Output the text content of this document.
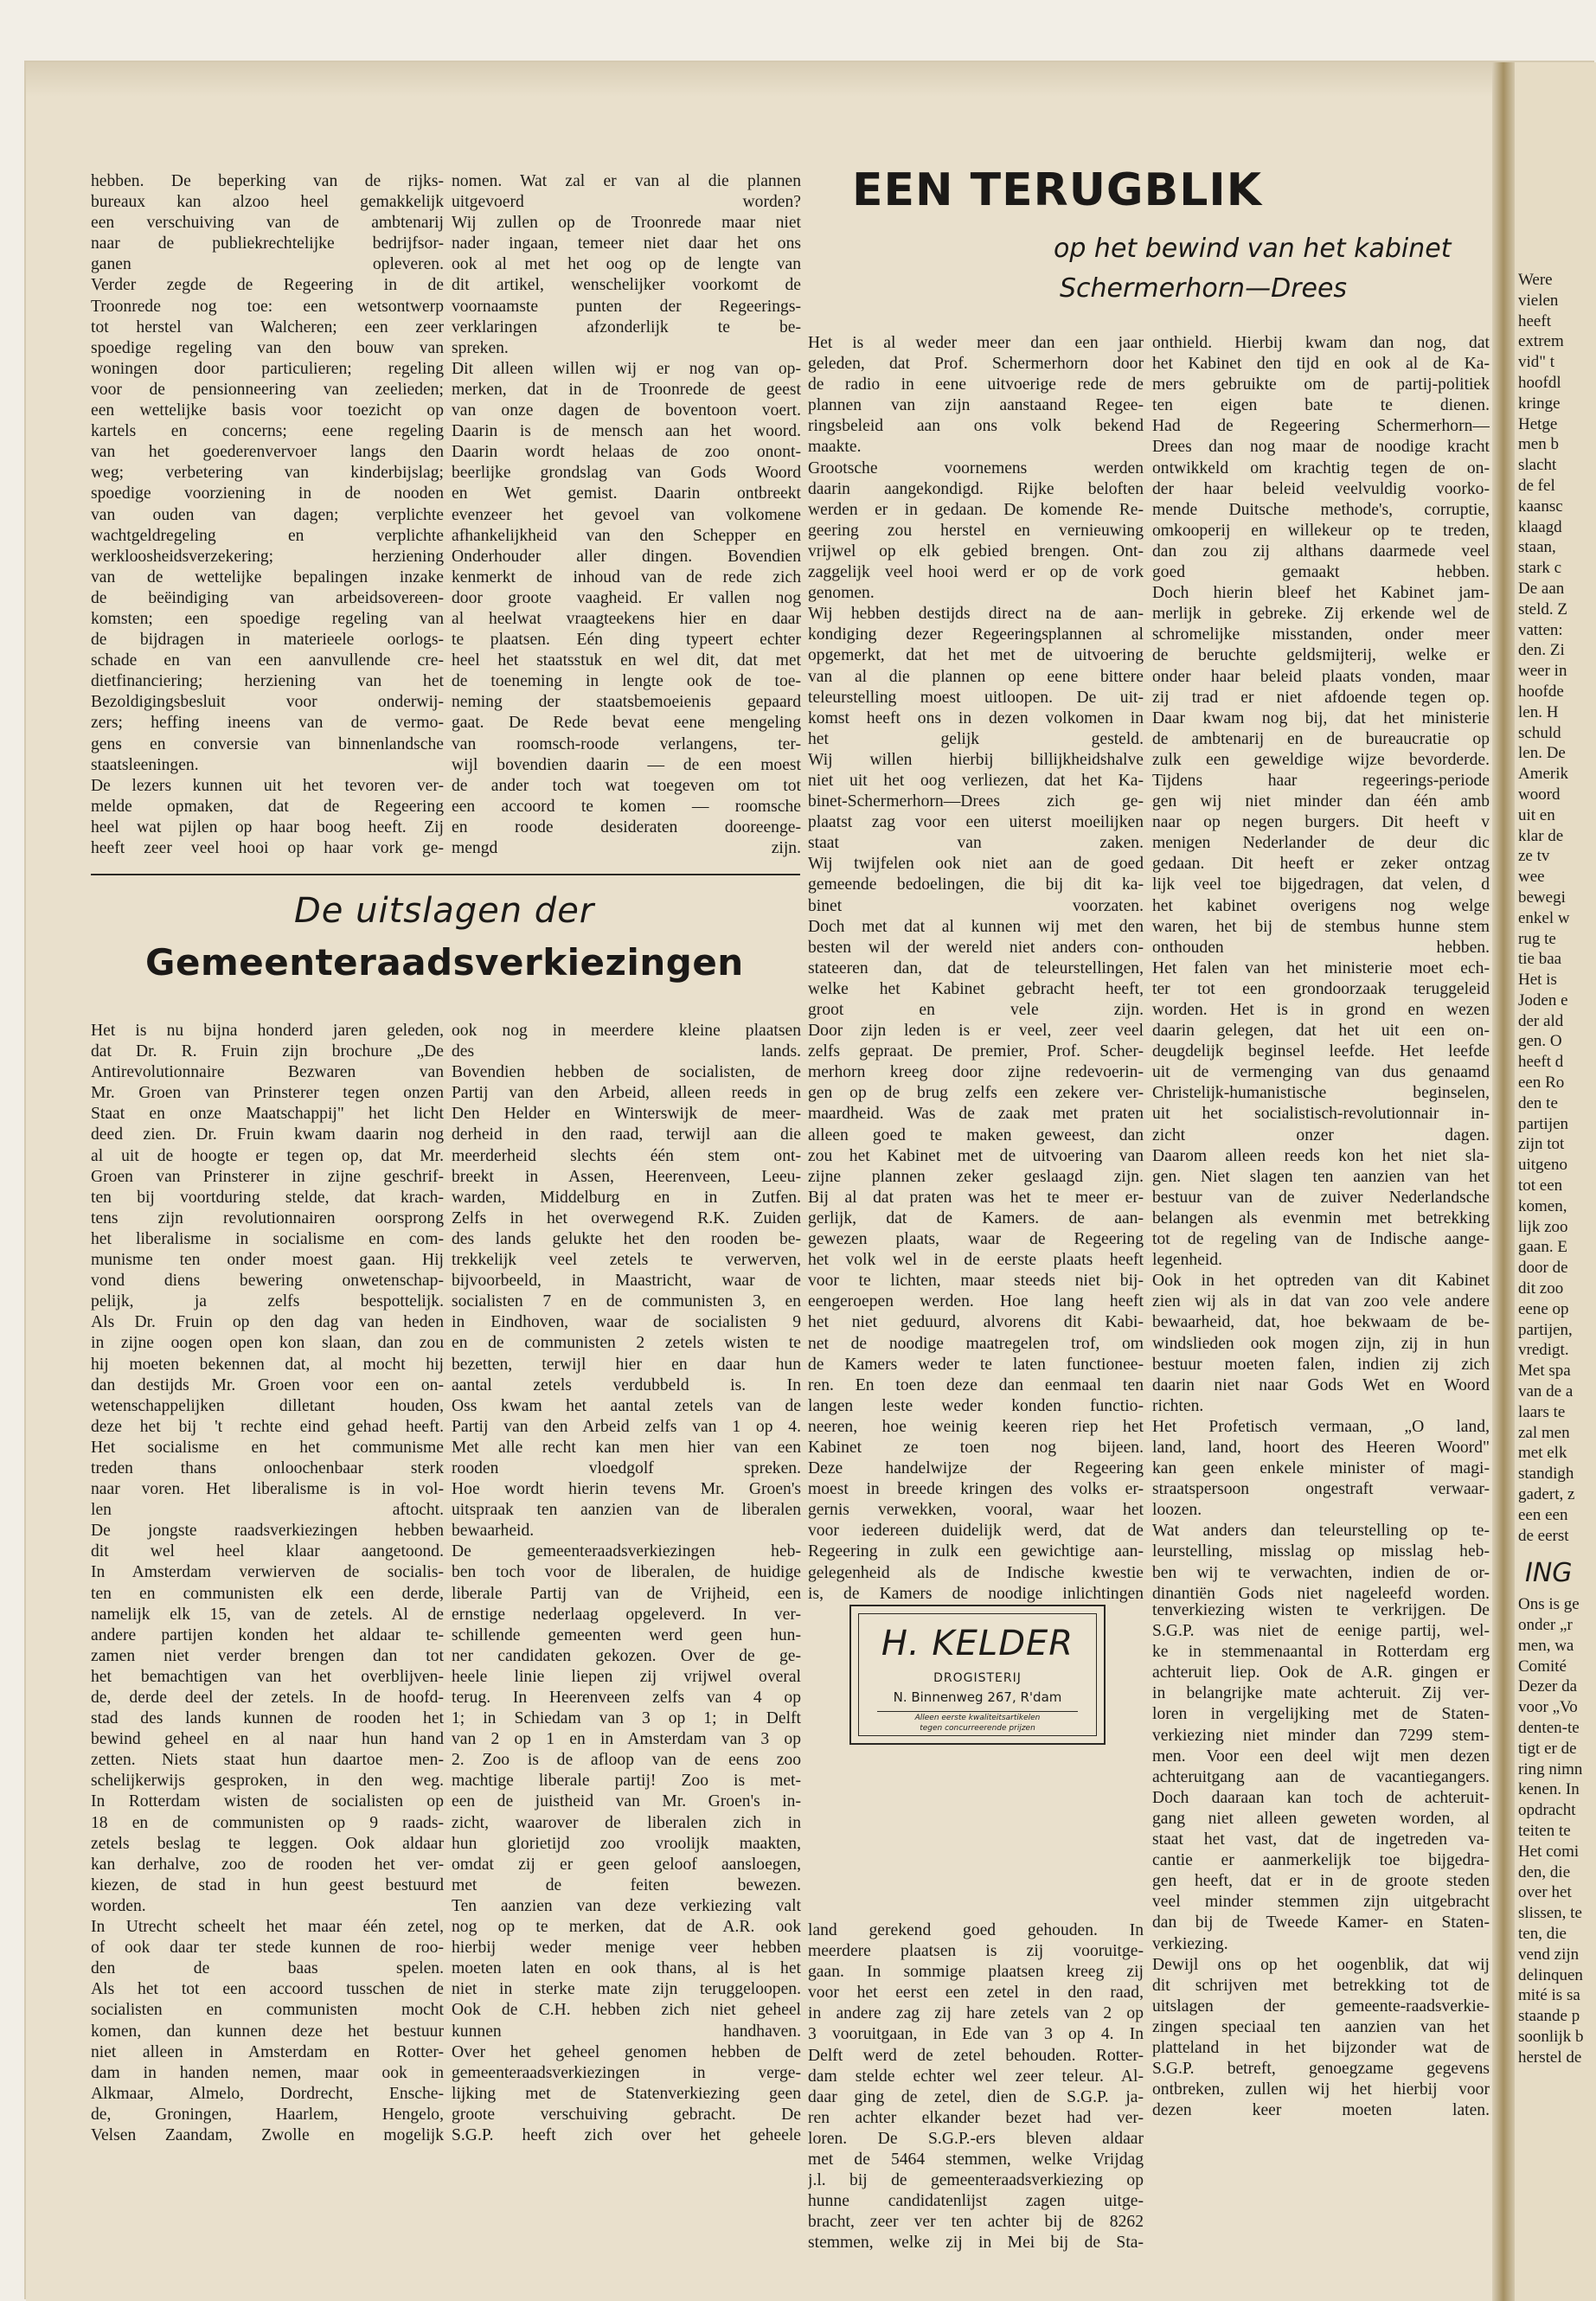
hebben. De beperking van de rijks-
bureaux kan alzoo heel gemakkelijk
een verschuiving van de ambtenarij
naar de publiekrechtelijke bedrijfsor-
ganen opleveren.
Verder zegde de Regeering in de
Troonrede nog toe: een wetsontwerp
tot herstel van Walcheren; een zeer
spoedige regeling van den bouw van
woningen door particulieren; regeling
voor de pensionneering van zeelieden;
een wettelijke basis voor toezicht op
kartels en concerns; eene regeling
van het goederenvervoer langs den
weg; verbetering van kinderbijslag;
spoedige voorziening in de nooden
van ouden van dagen; verplichte
wachtgeldregeling en verplichte
werkloosheidsverzekering; herziening
van de wettelijke bepalingen inzake
de beëindiging van arbeidsovereen-
komsten; een spoedige regeling van
de bijdragen in materieele oorlogs-
schade en van een aanvullende cre-
dietfinanciering; herziening van het
Bezoldigingsbesluit voor onderwij-
zers; heffing ineens van de vermo-
gens en conversie van binnenlandsche
staatsleeningen.
De lezers kunnen uit het tevoren ver-
melde opmaken, dat de Regeering
heel wat pijlen op haar boog heeft. Zij
heeft zeer veel hooi op haar vork ge-
nomen. Wat zal er van al die plannen
uitgevoerd worden?
Wij zullen op de Troonrede maar niet
nader ingaan, temeer niet daar het ons
ook al met het oog op de lengte van
dit artikel, wenschelijker voorkomt de
voornaamste punten der Regeerings-
verklaringen afzonderlijk te be-
spreken.
Dit alleen willen wij er nog van op-
merken, dat in de Troonrede de geest
van onze dagen de boventoon voert.
Daarin is de mensch aan het woord.
Daarin wordt helaas de zoo onont-
beerlijke grondslag van Gods Woord
en Wet gemist. Daarin ontbreekt
evenzeer het gevoel van volkomene
afhankelijkheid van den Schepper en
Onderhouder aller dingen. Bovendien
kenmerkt de inhoud van de rede zich
door groote vaagheid. Er vallen nog
al heelwat vraagteekens hier en daar
te plaatsen. Eén ding typeert echter
heel het staatsstuk en wel dit, dat met
de toeneming in lengte ook de toe-
neming der staatsbemoeienis gepaard
gaat. De Rede bevat eene mengeling
van roomsch-roode verlangens, ter-
wijl bovendien daarin — de een moest
de ander toch wat toegeven om tot
een accoord te komen — roomsche
en roode desideraten dooreenge-
mengd zijn.
De uitslagen der
Gemeenteraadsverkiezingen
Het is nu bijna honderd jaren geleden,
dat Dr. R. Fruin zijn brochure „De
Antirevolutionnaire Bezwaren van
Mr. Groen van Prinsterer tegen onzen
Staat en onze Maatschappij" het licht
deed zien. Dr. Fruin kwam daarin nog
al uit de hoogte er tegen op, dat Mr.
Groen van Prinsterer in zijne geschrif-
ten bij voortduring stelde, dat krach-
tens zijn revolutionnairen oorsprong
het liberalisme in socialisme en com-
munisme ten onder moest gaan. Hij
vond diens bewering onwetenschap-
pelijk, ja zelfs bespottelijk.
Als Dr. Fruin op den dag van heden
in zijne oogen open kon slaan, dan zou
hij moeten bekennen dat, al mocht hij
dan destijds Mr. Groen voor een on-
wetenschappelijken dilletant houden,
deze het bij 't rechte eind gehad heeft.
Het socialisme en het communisme
treden thans onloochenbaar sterk
naar voren. Het liberalisme is in vol-
len aftocht.
De jongste raadsverkiezingen hebben
dit wel heel klaar aangetoond.
In Amsterdam verwierven de socialis-
ten en communisten elk een derde,
namelijk elk 15, van de zetels. Al de
andere partijen konden het aldaar te-
zamen niet verder brengen dan tot
het bemachtigen van het overblijven-
de, derde deel der zetels. In de hoofd-
stad des lands kunnen de rooden het
bewind geheel en al naar hun hand
zetten. Niets staat hun daartoe men-
schelijkerwijs gesproken, in den weg.
In Rotterdam wisten de socialisten op
18 en de communisten op 9 raads-
zetels beslag te leggen. Ook aldaar
kan derhalve, zoo de rooden het ver-
kiezen, de stad in hun geest bestuurd
worden.
In Utrecht scheelt het maar één zetel,
of ook daar ter stede kunnen de roo-
den de baas spelen.
Als het tot een accoord tusschen de
socialisten en communisten mocht
komen, dan kunnen deze het bestuur
niet alleen in Amsterdam en Rotter-
dam in handen nemen, maar ook in
Alkmaar, Almelo, Dordrecht, Ensche-
de, Groningen, Haarlem, Hengelo,
Velsen Zaandam, Zwolle en mogelijk
ook nog in meerdere kleine plaatsen
des lands.
Bovendien hebben de socialisten, de
Partij van den Arbeid, alleen reeds in
Den Helder en Winterswijk de meer-
derheid in den raad, terwijl aan die
meerderheid slechts één stem ont-
breekt in Assen, Heerenveen, Leeu-
warden, Middelburg en in Zutfen.
Zelfs in het overwegend R.K. Zuiden
des lands gelukte het den rooden be-
trekkelijk veel zetels te verwerven,
bijvoorbeeld, in Maastricht, waar de
socialisten 7 en de communisten 3, en
in Eindhoven, waar de socialisten 9
en de communisten 2 zetels wisten te
bezetten, terwijl hier en daar hun
aantal zetels verdubbeld is. In
Oss kwam het aantal zetels van de
Partij van den Arbeid zelfs van 1 op 4.
Met alle recht kan men hier van een
rooden vloedgolf spreken.
Hoe wordt hierin tevens Mr. Groen's
uitspraak ten aanzien van de liberalen
bewaarheid.
De gemeenteraadsverkiezingen heb-
ben toch voor de liberalen, de huidige
liberale Partij van de Vrijheid, een
ernstige nederlaag opgeleverd. In ver-
schillende gemeenten werd geen hun-
ner candidaten gekozen. Over de ge-
heele linie liepen zij vrijwel overal
terug. In Heerenveen zelfs van 4 op
1; in Schiedam van 3 op 1; in Delft
van 2 op 1 en in Amsterdam van 3 op
2. Zoo is de afloop van de eens zoo
machtige liberale partij! Zoo is met-
een de juistheid van Mr. Groen's in-
zicht, waarover de liberalen zich in
hun glorietijd zoo vroolijk maakten,
omdat zij er geen geloof aansloegen,
met de feiten bewezen.
Ten aanzien van deze verkiezing valt
nog op te merken, dat de A.R. ook
hierbij weder menige veer hebben
moeten laten en ook thans, al is het
niet in sterke mate zijn teruggeloopen.
Ook de C.H. hebben zich niet geheel
kunnen handhaven.
Over het geheel genomen hebben de
gemeenteraadsverkiezingen in verge-
lijking met de Statenverkiezing geen
groote verschuiving gebracht. De
S.G.P. heeft zich over het geheele
EEN TERUGBLIK
op het bewind van het kabinet
Schermerhorn—Drees
Het is al weder meer dan een jaar
geleden, dat Prof. Schermerhorn door
de radio in eene uitvoerige rede de
plannen van zijn aanstaand Regee-
ringsbeleid aan ons volk bekend
maakte.
Grootsche voornemens werden
daarin aangekondigd. Rijke beloften
werden er in gedaan. De komende Re-
geering zou herstel en vernieuwing
vrijwel op elk gebied brengen. Ont-
zaggelijk veel hooi werd er op de vork
genomen.
Wij hebben destijds direct na de aan-
kondiging dezer Regeeringsplannen al
opgemerkt, dat het met de uitvoering
van al die plannen op eene bittere
teleurstelling moest uitloopen. De uit-
komst heeft ons in dezen volkomen in
het gelijk gesteld.
Wij willen hierbij billijkheidshalve
niet uit het oog verliezen, dat het Ka-
binet-Schermerhorn—Drees zich ge-
plaatst zag voor een uiterst moeilijken
staat van zaken.
Wij twijfelen ook niet aan de goed
gemeende bedoelingen, die bij dit ka-
binet voorzaten.
Doch met dat al kunnen wij met den
besten wil der wereld niet anders con-
stateeren dan, dat de teleurstellingen,
welke het Kabinet gebracht heeft,
groot en vele zijn.
Door zijn leden is er veel, zeer veel
zelfs gepraat. De premier, Prof. Scher-
merhorn kreeg door zijne redevoerin-
gen op de brug zelfs een zekere ver-
maardheid. Was de zaak met praten
alleen goed te maken geweest, dan
zou het Kabinet met de uitvoering van
zijne plannen zeker geslaagd zijn.
Bij al dat praten was het te meer er-
gerlijk, dat de Kamers. de aan-
gewezen plaats, waar de Regeering
het volk wel in de eerste plaats heeft
voor te lichten, maar steeds niet bij-
eengeroepen werden. Hoe lang heeft
het niet geduurd, alvorens dit Kabi-
net de noodige maatregelen trof, om
de Kamers weder te laten functionee-
ren. En toen deze dan eenmaal ten
langen leste weder konden functio-
neeren, hoe weinig keeren riep het
Kabinet ze toen nog bijeen.
Deze handelwijze der Regeering
moest in breede kringen des volks er-
gernis verwekken, vooral, waar het
voor iedereen duidelijk werd, dat de
Regeering in zulk een gewichtige aan-
gelegenheid als de Indische kwestie
is, de Kamers de noodige inlichtingen
onthield. Hierbij kwam dan nog, dat
het Kabinet den tijd en ook al de Ka-
mers gebruikte om de partij-politiek
ten eigen bate te dienen.
Had de Regeering Schermerhorn—
Drees dan nog maar de noodige kracht
ontwikkeld om krachtig tegen de on-
der haar beleid veelvuldig voorko-
mende Duitsche methode's, corruptie,
omkooperij en willekeur op te treden,
dan zou zij althans daarmede veel
goed gemaakt hebben.
Doch hierin bleef het Kabinet jam-
merlijk in gebreke. Zij erkende wel de
schromelijke misstanden, onder meer
de beruchte geldsmijterij, welke er
onder haar beleid plaats vonden, maar
zij trad er niet afdoende tegen op.
Daar kwam nog bij, dat het ministerie
de ambtenarij en de bureaucratie op
zulk een geweldige wijze bevorderde.
Tijdens haar regeerings-periode
gen wij niet minder dan één amb
naar op negen burgers. Dit heeft v
menigen Nederlander de deur dic
gedaan. Dit heeft er zeker ontzag
lijk veel toe bijgedragen, dat velen, d
het kabinet overigens nog welge
waren, het bij de stembus hunne stem
onthouden hebben.
Het falen van het ministerie moet ech-
ter tot een grondoorzaak teruggeleid
worden. Het is in grond en wezen
daarin gelegen, dat het uit een on-
deugdelijk beginsel leefde. Het leefde
uit de vermenging van dus genaamd
Christelijk-humanistische beginselen,
uit het socialistisch-revolutionnair in-
zicht onzer dagen.
Daarom alleen reeds kon het niet sla-
gen. Niet slagen ten aanzien van het
bestuur van de zuiver Nederlandsche
belangen als evenmin met betrekking
tot de regeling van de Indische aange-
legenheid.
Ook in het optreden van dit Kabinet
zien wij als in dat van zoo vele andere
bewaarheid, dat, hoe bekwaam de be-
windslieden ook mogen zijn, zij in hun
bestuur moeten falen, indien zij zich
daarin niet naar Gods Wet en Woord
richten.
Het Profetisch vermaan, „O land,
land, land, hoort des Heeren Woord"
kan geen enkele minister of magi-
straatspersoon ongestraft verwaar-
loozen.
Wat anders dan teleurstelling op te-
leurstelling, misslag op misslag heb-
ben wij te verwachten, indien de or-
dinantiën Gods niet nageleefd worden.
H. KELDER
DROGISTERIJ
N. Binnenweg 267, R'dam
Alleen eerste kwaliteitsartikelen
tegen concurreerende prijzen
land gerekend goed gehouden. In
meerdere plaatsen is zij vooruitge-
gaan. In sommige plaatsen kreeg zij
voor het eerst een zetel in den raad,
in andere zag zij hare zetels van 2 op
3 vooruitgaan, in Ede van 3 op 4. In
Delft werd de zetel behouden. Rotter-
dam stelde echter wel zeer teleur. Al-
daar ging de zetel, dien de S.G.P. ja-
ren achter elkander bezet had ver-
loren. De S.G.P.-ers bleven aldaar
met de 5464 stemmen, welke Vrijdag
j.l. bij de gemeenteraadsverkiezing op
hunne candidatenlijst zagen uitge-
bracht, zeer ver ten achter bij de 8262
stemmen, welke zij in Mei bij de Sta-
tenverkiezing wisten te verkrijgen. De
S.G.P. was niet de eenige partij, wel-
ke in stemmenaantal in Rotterdam erg
achteruit liep. Ook de A.R. gingen er
in belangrijke mate achteruit. Zij ver-
loren in vergelijking met de Staten-
verkiezing niet minder dan 7299 stem-
men. Voor een deel wijt men dezen
achteruitgang aan de vacantiegangers.
Doch daaraan kan toch de achteruit-
gang niet alleen geweten worden, al
staat het vast, dat de ingetreden va-
cantie er aanmerkelijk toe bijgedra-
gen heeft, dat er in de groote steden
veel minder stemmen zijn uitgebracht
dan bij de Tweede Kamer- en Staten-
verkiezing.
Dewijl ons op het oogenblik, dat wij
dit schrijven met betrekking tot de
uitslagen der gemeente-raadsverkie-
zingen speciaal ten aanzien van het
platteland in het bijzonder wat de
S.G.P. betreft, genoegzame gegevens
ontbreken, zullen wij het hierbij voor
dezen keer moeten laten.
Were
vielen
heeft
extrem
vid" t
hoofdl
kringe
Hetge
men b
slacht
de fel
kaansc
klaagd
staan,
stark c
De aan
steld. Z
vatten:
den. Zi
weer in
hoofde
len. H
schuld
len. De
Amerik
woord
uit en
klar de
ze tv
wee
bewegi
enkel w
rug te
tie baa
Het is
Joden e
der ald
gen. O
heeft d
een Ro
den te
partijen
zijn tot
uitgeno
tot een
komen,
lijk zoo
gaan. E
door de
dit zoo
eene op
partijen,
vredigt.
Met spa
van de a
laars te
zal men
met elk
standigh
gadert, z
een een
de eerst
ING
Ons is ge
onder „r
men, wa
Comité
Dezer da
voor „Vo
denten-te
tigt er de
ring nimn
kenen. In
opdracht
teiten te
Het comi
den, die
over het
slissen, te
ten, die
vend zijn
delinquen
mité is sa
staande p
soonlijk b
herstel de
